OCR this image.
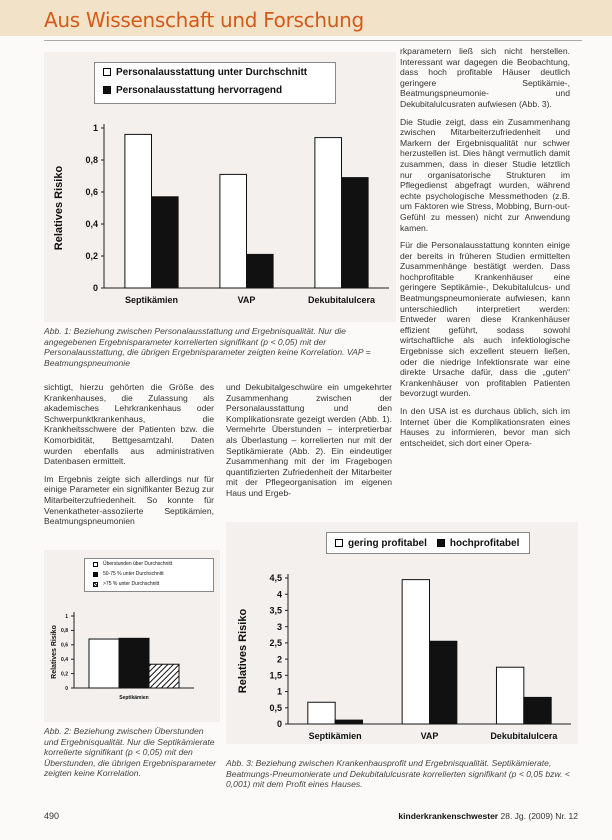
Aus Wissenschaft und Forschung
Personalausstattung unter Durchschnitt
Personalausstattung hervorragend
0
0,2
0,4
0,6
0,8
1
Relatives Risiko
Septikämien	VAP	Dekubitalulcera
Abb. 1: Beziehung zwischen Personalausstattung und Ergebnisqualität. Nur die angegebenen Ergebnisparameter korrelierten signifikant (p < 0,05) mit der Personalausstattung, die übrigen Ergebnisparameter zeigten keine Korrelation. VAP = Beatmungspneumonie

rkparametern ließ sich nicht herstellen. Interessant war dagegen die Beobachtung, dass hoch profitable Häuser deutlich geringere Septikämie-, Beatmungspneumonie- und Dekubitalulcusraten aufwiesen (Abb. 3).

Die Studie zeigt, dass ein Zusammenhang zwischen Mitarbeiterzufriedenheit und Markern der Ergebnisqualität nur schwer herzustellen ist. Dies hängt vermutlich damit zusammen, dass in dieser Studie letztlich nur organisatorische Strukturen im Pflegedienst abgefragt wurden, während echte psychologische Messmethoden (z.B. um Faktoren wie Stress, Mobbing, Burn-out-Gefühl zu messen) nicht zur Anwendung kamen.

Für die Personalausstattung konnten einige der bereits in früheren Studien ermittelten Zusammenhänge bestätigt werden. Dass hochprofitable Krankenhäuser eine geringere Septikämie-, Dekubitalulcus- und Beatmungspneumonierate aufwiesen, kann unterschiedlich interpretiert werden: Entweder waren diese Krankenhäuser effizient geführt, sodass sowohl wirtschaftliche als auch infektiologische Ergebnisse sich exzellent steuern ließen, oder die niedrige Infektionsrate war eine direkte Ursache dafür, dass die „guten“ Krankenhäuser von profitablen Patienten bevorzugt wurden.

In den USA ist es durchaus üblich, sich im Internet über die Komplikationsraten eines Hauses zu informieren, bevor man sich entscheidet, sich dort einer Opera-

sichtigt, hierzu gehörten die Größe des Krankenhauses, die Zulassung als akademisches Lehrkrankenhaus oder Schwerpunktkrankenhaus, die Krankheitsschwere der Patienten bzw. die Komorbidität, Bettgesamtzahl. Daten wurden ebenfalls aus administrativen Datenbasen ermittelt.

Im Ergebnis zeigte sich allerdings nur für einige Parameter ein signifikanter Bezug zur Mitarbeiterzufriedenheit. So konnte für Venenkatheter-assoziierte Septikämien, Beatmungspneumonien

und Dekubitalgeschwüre ein umgekehrter Zusammenhang zwischen der Personalausstattung und den Komplikationsrate gezeigt werden (Abb. 1). Vermehrte Überstunden – interpretierbar als Überlastung – korrelierten nur mit der Septikämierate (Abb. 2). Ein eindeutiger Zusammenhang mit der im Fragebogen quantifizierten Zufriedenheit der Mitarbeiter mit der Pflegeorganisation im eigenen Haus und Ergeb-

Überstunden über Durchschnitt
50-75 % unter Durchschnitt
>75 % unter Durchschnitt
0
0,2
0,4
0,6
0,8
1
Relatives Risiko
Septikämien
Abb. 2: Beziehung zwischen Überstunden und Ergebnisqualität. Nur die Septikämierate korrelierte signifikant (p < 0,05) mit den Überstunden, die übrigen Ergebnisparameter zeigten keine Korrelation.
gering profitabel hochprofitabel
0
0,5
1
1,5
2
2,5
3
3,5
4
4,5
Relatives Risiko
Septikämien	VAP	Dekubitalulcera
Abb. 3: Beziehung zwischen Krankenhausprofit und Ergebnisqualität. Septikämierate, Beatmungs-Pneumonierate und Dekubitalulcusrate korrelierten signifikant (p < 0,05 bzw. < 0,001) mit dem Profit eines Hauses.
490	kinderkrankenschwester 28. Jg. (2009) Nr. 12
